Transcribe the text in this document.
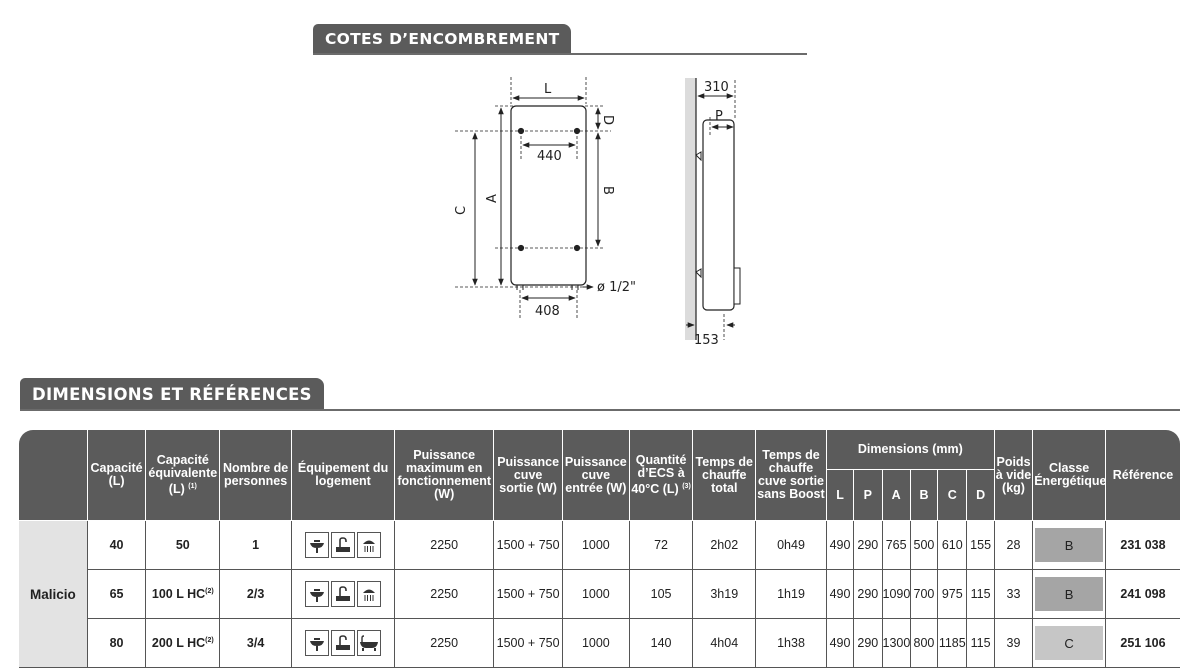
COTES D’ENCOMBREMENT
L
440
D
B
A
C
408
ø 1/2"
310
P
153
DIMENSIONS ET RÉFÉRENCES
	Capacité (L)	Capacité équivalente (L) $^{(1)}$	Nombre de personnes	Équipement du logement	Puissance maximum en fonctionnement (W)	Puissance cuve sortie (W)	Puissance cuve entrée (W)	Quantité d’ECS à 40°C (L) $^{(3)}$	Temps de chauffe total	Temps de chauffe cuve sortie sans Boost	Dimensions (mm)						Poids à vide (kg)	Classe Énergétique	Référence
											L	P	A	B	C	D			
Malicio	40	50	1		2250	1500 + 750	1000	72	2h02	0h49	490	290	765	500	610	155	28	B	231 038
	65	100 L HC$^{(2)}$	2/3		2250	1500 + 750	1000	105	3h19	1h19	490	290	1090	700	975	115	33	B	241 098
	80	200 L HC$^{(2)}$	3/4		2250	1500 + 750	1000	140	4h04	1h38	490	290	1300	800	1185	115	39	C	251 106
